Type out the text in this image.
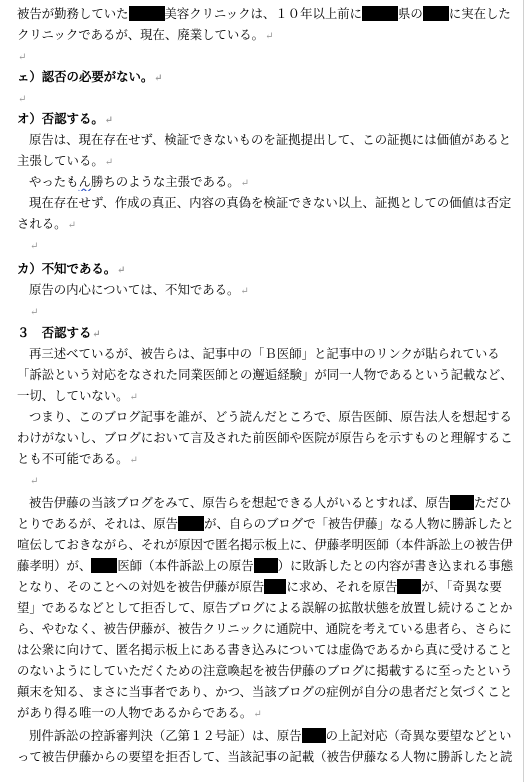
被告が勤務していた	美容クリニックは、１０年以上前に	県の に実在した
クリニックであるが、現在、廃業している。↵
↵
ェ）認否の必要がない。↵
↵
オ）否認する。↵
原告は、現在存在せず、検証できないものを証拠提出して、この証拠には価値があると
主張している。↵
やったもん勝ちのような主張である。↵
現在存在せず、作成の真正、内容の真偽を検証できない以上、証拠としての価値は否定
される。↵
↵
カ）不知である。↵
原告の内心については、不知である。↵
↵
３　否認する↵
再三述べているが、被告らは、記事中の「Ｂ医師」と記事中のリンクが貼られている
「訴訟という対応をなされた同業医師との邂逅経験」が同一人物であるという記載など、
一切、していない。↵
つまり、このブログ記事を誰が、どう読んだところで、原告医師、原告法人を想起する
わけがないし、ブログにおいて言及された前医師や医院が原告らを示すものと理解するこ
とも不可能である。↵
↵
被告伊藤の当該ブログをみて、原告らを想起できる人がいるとすれば、原告 ただひ
とりであるが、それは、原告 が、自らのブログで「被告伊藤」なる人物に勝訴したと
喧伝しておきながら、それが原因で匿名掲示板上に、伊藤孝明医師（本件訴訟上の被告伊
藤孝明）が、 医師（本件訴訟上の原告 ）に敗訴したとの内容が書き込まれる事態
となり、そのことへの対処を被告伊藤が原告 に求め、それを原告 が、「奇異な要
望」であるなどとして拒否して、原告ブログによる誤解の拡散状態を放置し続けることか
ら、やむなく、被告伊藤が、被告クリニックに通院中、通院を考えている患者ら、さらに
は公衆に向けて、匿名掲示板上にある書き込みについては虚偽であるから真に受けること
のないようにしていただくための注意喚起を被告伊藤のブログに掲載するに至ったという
顛末を知る、まさに当事者であり、かつ、当該ブログの症例が自分の患者だと気づくこと
があり得る唯一の人物であるからである。↵
別件訴訟の控訴審判決（乙第１２号証）は、原告 の上記対応（奇異な要望などとい
って被告伊藤からの要望を拒否して、当該記事の記載（被告伊藤なる人物に勝訴したと読
